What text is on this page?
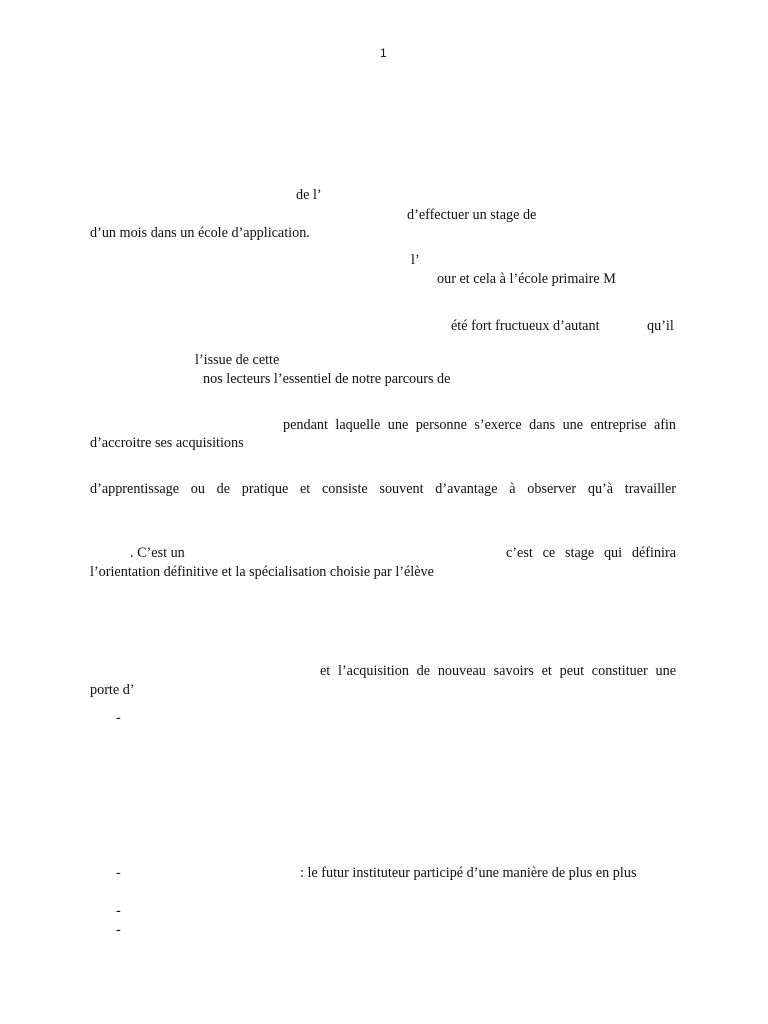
1
de l’
d’effectuer un stage de
d’un mois dans un école d’application.
l’
our et cela à l’école primaire M
été fort fructueux d’autant	qu’il
l’issue de cette
nos lecteurs l’essentiel de notre parcours de
pendant laquelle une personne s’exerce dans une entreprise afin
d’accroitre ses acquisitions
d’apprentissage ou de pratique et consiste souvent d’avantage à observer qu’à travailler
. C’est un	c’est ce stage qui définira
l’orientation définitive et la spécialisation choisie par l’élève
et l’acquisition de nouveau savoirs et peut constituer une
porte d’
-
-	: le futur instituteur participé d’une manière de plus en plus
-
-
